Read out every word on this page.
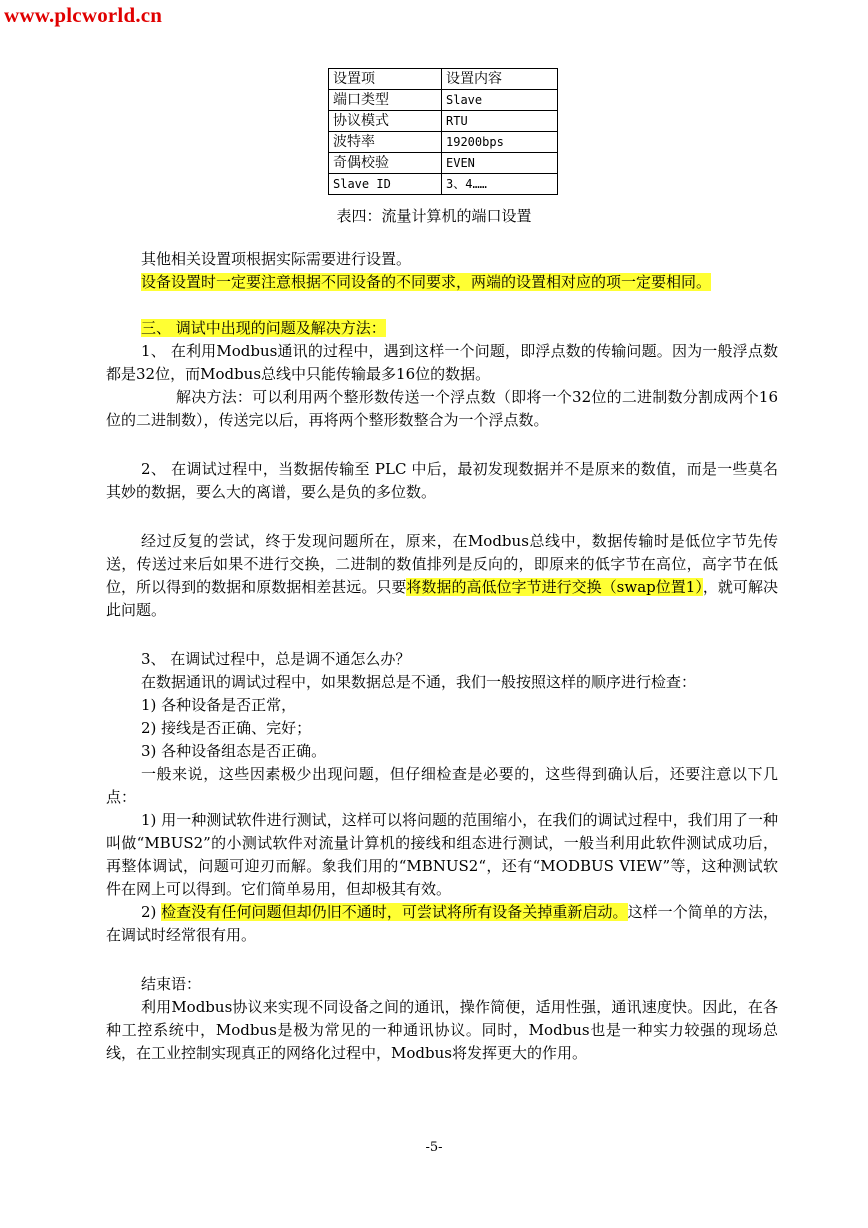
www.plcworld.cn
设置项	设置内容
端口类型	Slave
协议模式	RTU
波特率	19200bps
奇偶校验	EVEN
Slave ID	3、4……
表四：流量计算机的端口设置

其他相关设置项根据实际需要进行设置。

设备设置时一定要注意根据不同设备的不同要求，两端的设置相对应的项一定要相同。

三、 调试中出现的问题及解决方法：

1、 在利用Modbus通讯的过程中，遇到这样一个问题，即浮点数的传输问题。因为一般浮点数都是32位，而Modbus总线中只能传输最多16位的数据。

解决方法：可以利用两个整形数传送一个浮点数（即将一个32位的二进制数分割成两个16位的二进制数），传送完以后，再将两个整形数整合为一个浮点数。

2、 在调试过程中，当数据传输至 PLC 中后，最初发现数据并不是原来的数值，而是一些莫名其妙的数据，要么大的离谱，要么是负的多位数。

经过反复的尝试，终于发现问题所在，原来，在Modbus总线中，数据传输时是低位字节先传送，传送过来后如果不进行交换，二进制的数值排列是反向的，即原来的低字节在高位，高字节在低位，所以得到的数据和原数据相差甚远。只要将数据的高低位字节进行交换（swap位置1），就可解决此问题。

3、 在调试过程中，总是调不通怎么办？

在数据通讯的调试过程中，如果数据总是不通，我们一般按照这样的顺序进行检查：

1) 各种设备是否正常，

2) 接线是否正确、完好；

3) 各种设备组态是否正确。

一般来说，这些因素极少出现问题，但仔细检查是必要的，这些得到确认后，还要注意以下几点：

1) 用一种测试软件进行测试，这样可以将问题的范围缩小，在我们的调试过程中，我们用了一种叫做“MBUS2”的小测试软件对流量计算机的接线和组态进行测试，一般当利用此软件测试成功后，再整体调试，问题可迎刃而解。象我们用的“MBNUS2“，还有“MODBUS VIEW”等，这种测试软件在网上可以得到。它们简单易用，但却极其有效。

2) 检查没有任何问题但却仍旧不通时，可尝试将所有设备关掉重新启动。这样一个简单的方法，在调试时经常很有用。

结束语：

利用Modbus协议来实现不同设备之间的通讯，操作简便，适用性强，通讯速度快。因此，在各种工控系统中，Modbus是极为常见的一种通讯协议。同时，Modbus也是一种实力较强的现场总线，在工业控制实现真正的网络化过程中，Modbus将发挥更大的作用。

-5-
